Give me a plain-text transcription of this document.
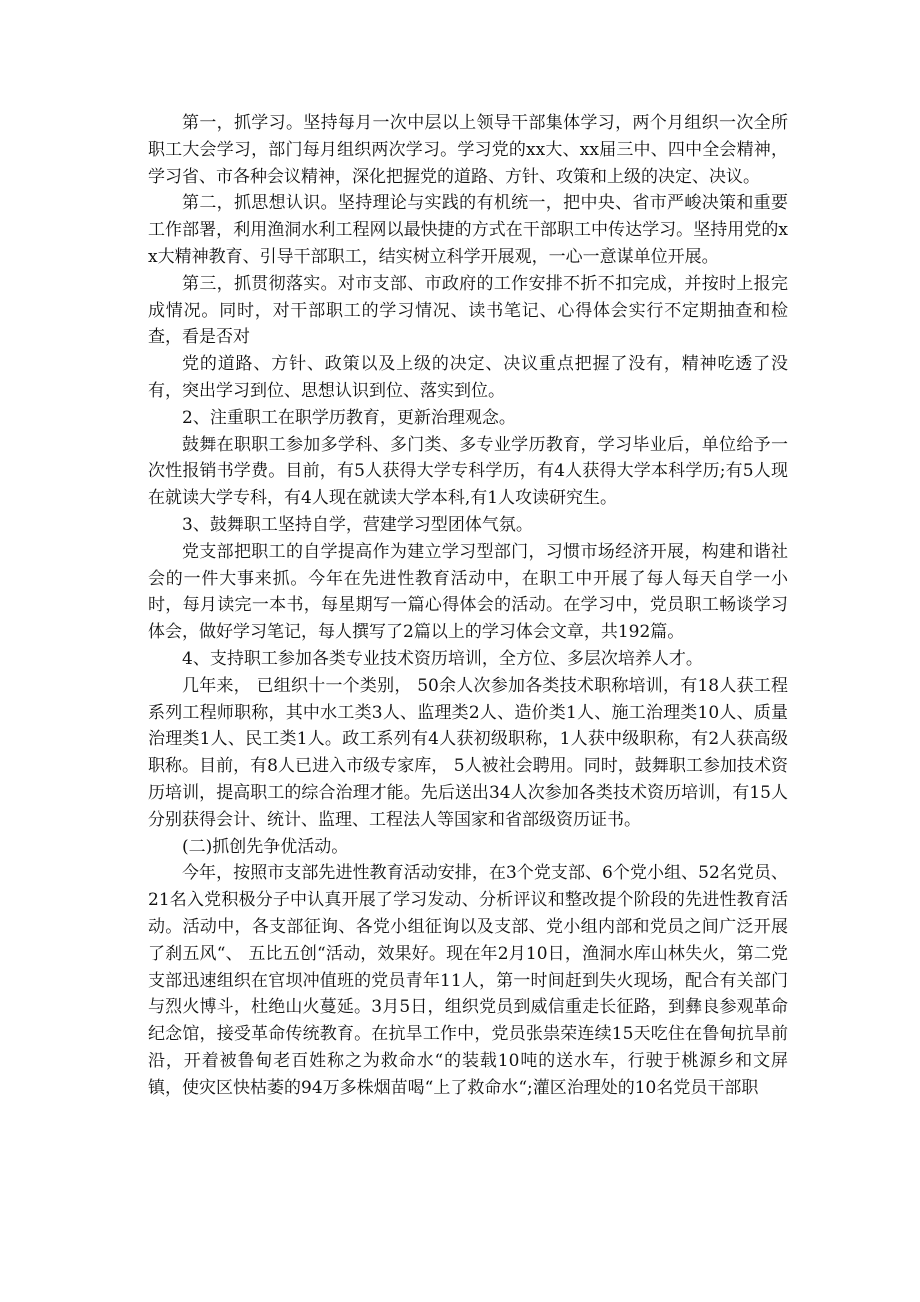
第一，抓学习。坚持每月一次中层以上领导干部集体学习，两个月组织一次全所职工大会学习，部门每月组织两次学习。学习党的xx大、xx届三中、四中全会精神，学习省、市各种会议精神，深化把握党的道路、方针、攻策和上级的决定、决议。

第二，抓思想认识。坚持理论与实践的有机统一，把中央、省市严峻决策和重要工作部署，利用渔洞水利工程网以最快捷的方式在干部职工中传达学习。坚持用党的xx大精神教育、引导干部职工，结实树立科学开展观，一心一意谋单位开展。

第三，抓贯彻落实。对市支部、市政府的工作安排不折不扣完成，并按时上报完成情况。同时，对干部职工的学习情况、读书笔记、心得体会实行不定期抽查和检查，看是否对

党的道路、方针、政策以及上级的决定、决议重点把握了没有，精神吃透了没有，突出学习到位、思想认识到位、落实到位。

2、注重职工在职学历教育，更新治理观念。

鼓舞在职职工参加多学科、多门类、多专业学历教育，学习毕业后，单位给予一次性报销书学费。目前，有5人获得大学专科学历，有4人获得大学本科学历;有5人现在就读大学专科，有4人现在就读大学本科,有1人攻读研究生。

3、鼓舞职工坚持自学，营建学习型团体气氛。

党支部把职工的自学提高作为建立学习型部门，习惯市场经济开展，构建和谐社会的一件大事来抓。今年在先进性教育活动中，在职工中开展了每人每天自学一小时，每月读完一本书，每星期写一篇心得体会的活动。在学习中，党员职工畅谈学习体会，做好学习笔记，每人撰写了2篇以上的学习体会文章，共192篇。

4、支持职工参加各类专业技术资历培训，全方位、多层次培养人才。

几年来， 已组织十一个类别， 50余人次参加各类技术职称培训，有18人获工程系列工程师职称，其中水工类3人、监理类2人、造价类1人、施工治理类10人、质量治理类1人、民工类1人。政工系列有4人获初级职称，1人获中级职称，有2人获高级职称。目前，有8人已进入市级专家库， 5人被社会聘用。同时，鼓舞职工参加技术资历培训，提高职工的综合治理才能。先后送出34人次参加各类技术资历培训，有15人分别获得会计、统计、监理、工程法人等国家和省部级资历证书。

(二)抓创先争优活动。

今年，按照市支部先进性教育活动安排，在3个党支部、6个党小组、52名党员、21名入党积极分子中认真开展了学习发动、分析评议和整改提个阶段的先进性教育活动。活动中，各支部征询、各党小组征询以及支部、党小组内部和党员之间广泛开展了刹五风“、 五比五创“活动，效果好。现在年2月10日，渔洞水库山林失火，第二党支部迅速组织在官坝冲值班的党员青年11人，第一时间赶到失火现场，配合有关部门与烈火博斗，杜绝山火蔓延。3月5日，组织党员到威信重走长征路，到彝良参观革命纪念馆，接受革命传统教育。在抗旱工作中，党员张祟荣连续15天吃住在鲁甸抗旱前沿，开着被鲁甸老百姓称之为救命水“的装载10吨的送水车，行驶于桃源乡和文屏镇，使灾区快枯萎的94万多株烟苗喝“上了救命水“;灌区治理处的10名党员干部职
